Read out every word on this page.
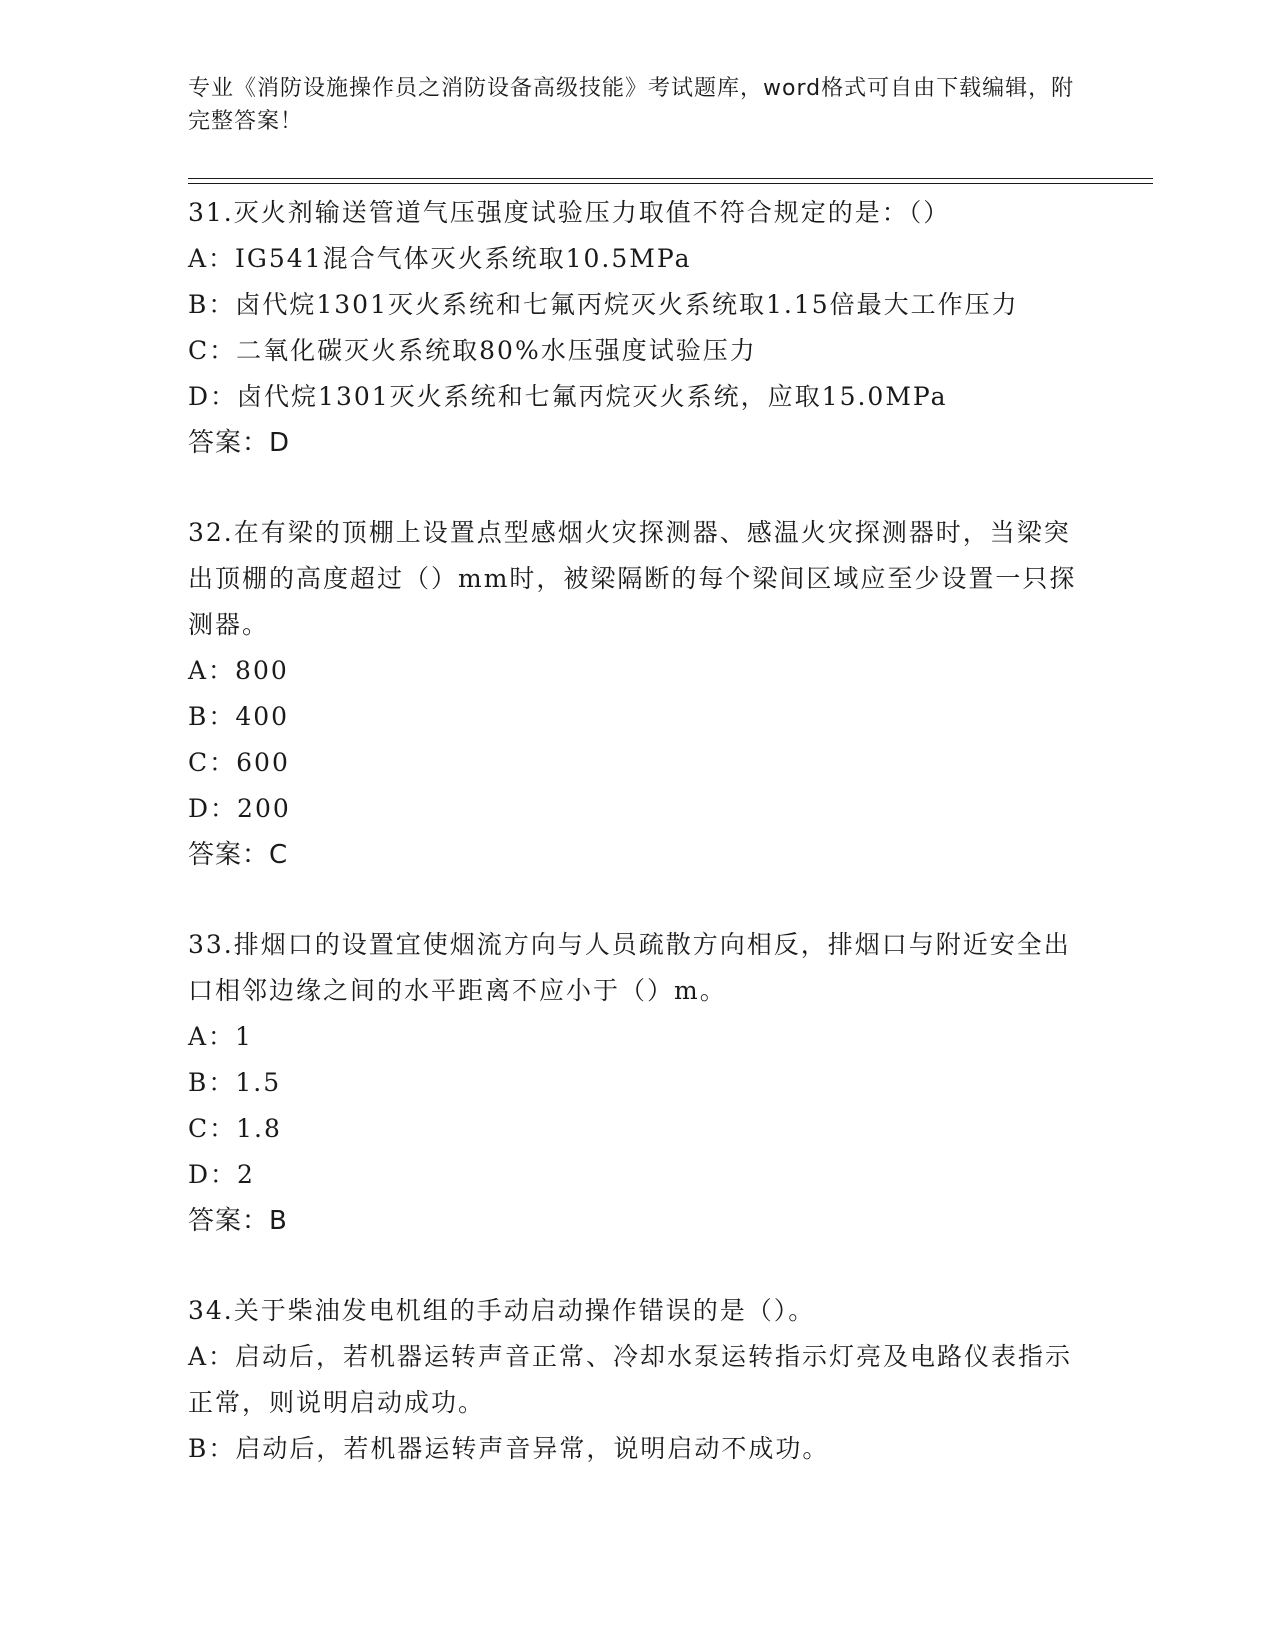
专业《消防设施操作员之消防设备高级技能》考试题库，word格式可自由下载编辑，附完整答案！
31.灭火剂输送管道气压强度试验压力取值不符合规定的是：（）
A：IG541混合气体灭火系统取10.5MPa
B：卤代烷1301灭火系统和七氟丙烷灭火系统取1.15倍最大工作压力
C：二氧化碳灭火系统取80%水压强度试验压力
D：卤代烷1301灭火系统和七氟丙烷灭火系统，应取15.0MPa
答案：D
32.在有梁的顶棚上设置点型感烟火灾探测器、感温火灾探测器时，当梁突出顶棚的高度超过（）mm时，被梁隔断的每个梁间区域应至少设置一只探测器。
A：800
B：400
C：600
D：200
答案：C
33.排烟口的设置宜使烟流方向与人员疏散方向相反，排烟口与附近安全出口相邻边缘之间的水平距离不应小于（）m。
A：1
B：1.5
C：1.8
D：2
答案：B
34.关于柴油发电机组的手动启动操作错误的是（）。
A：启动后，若机器运转声音正常、冷却水泵运转指示灯亮及电路仪表指示正常，则说明启动成功。
B：启动后，若机器运转声音异常，说明启动不成功。
